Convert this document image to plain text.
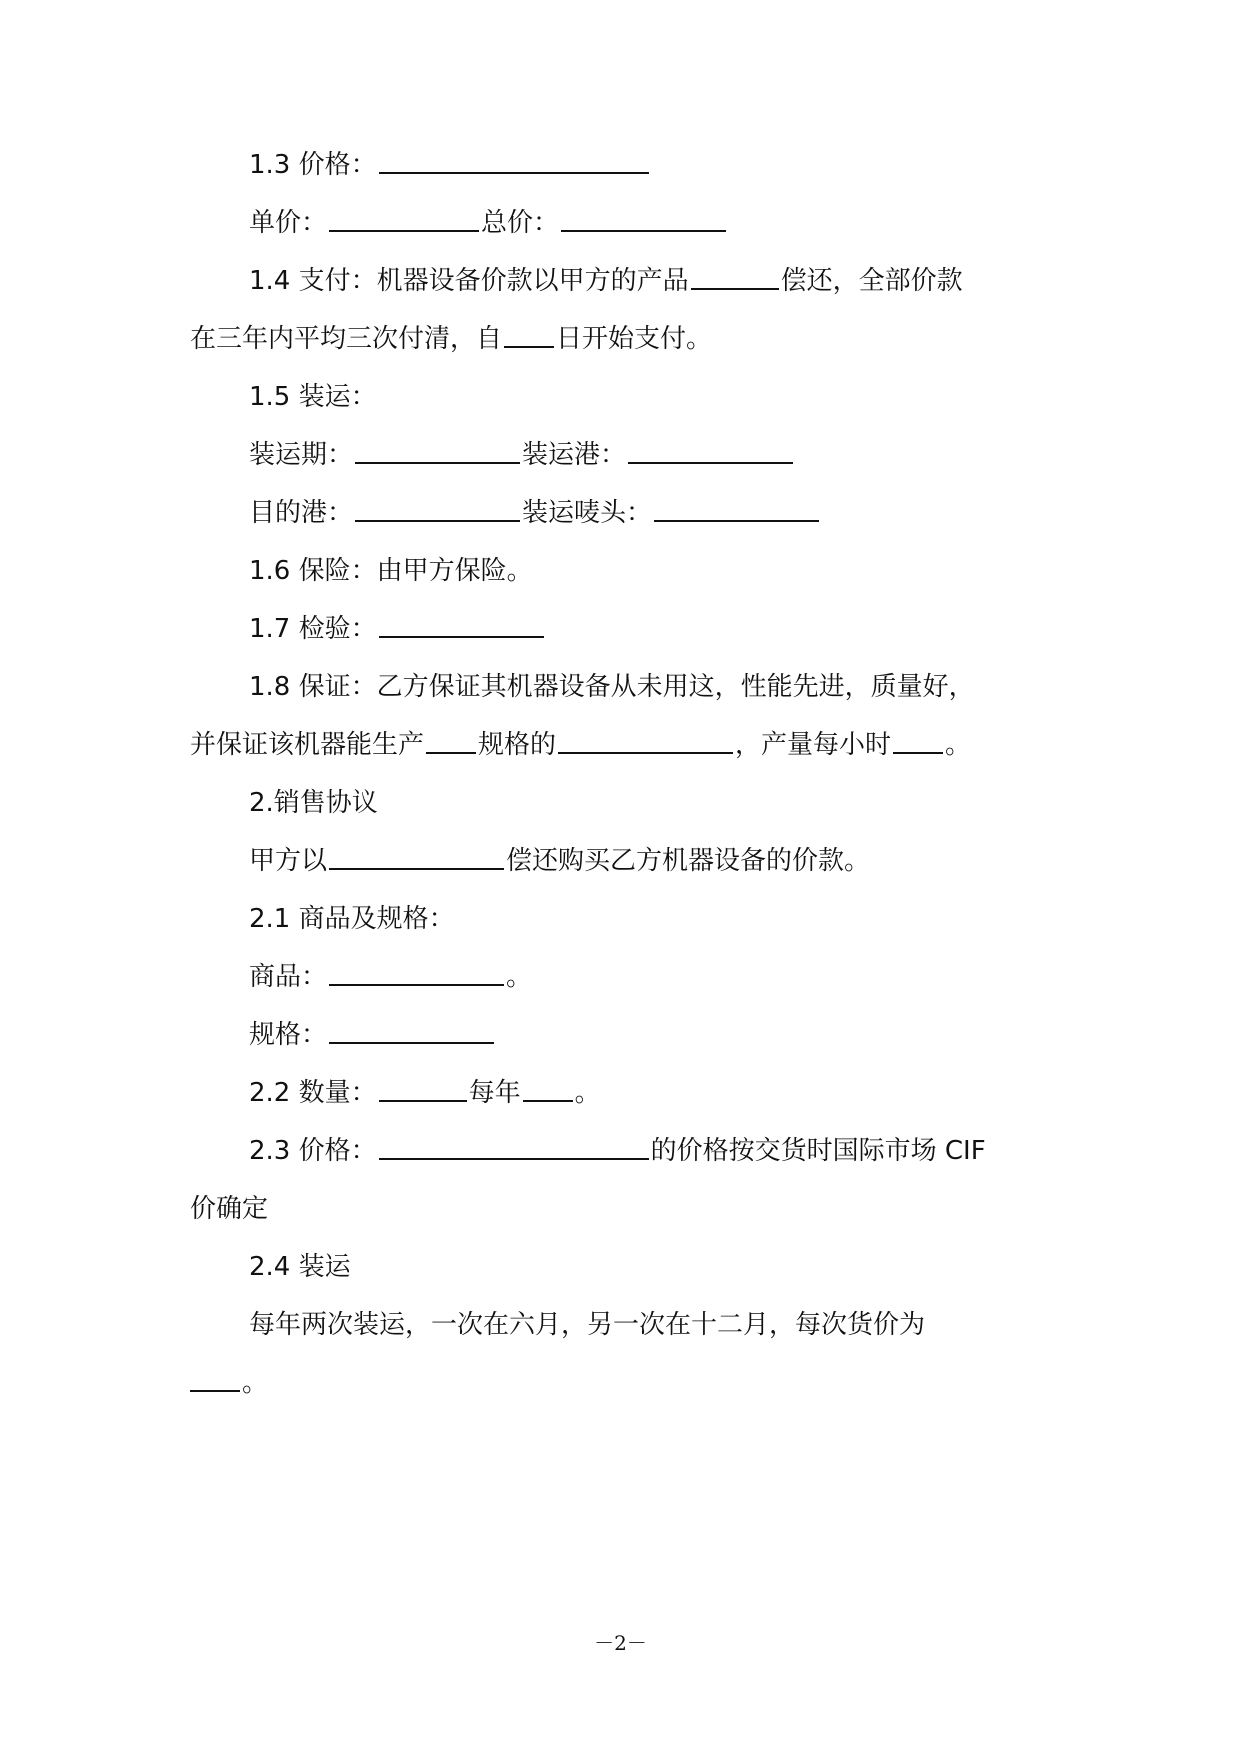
1.3 价格：
单价：	总价：
1.4 支付：机器设备价款以甲方的产品	偿还，全部价款
在三年内平均三次付清，自 日开始支付。
1.5 装运：
装运期：	装运港：
目的港：	装运唛头：
1.6 保险：由甲方保险。
1.7 检验：
1.8 保证：乙方保证其机器设备从未用这，性能先进，质量好，
并保证该机器能生产 规格的	，产量每小时 。
2.销售协议
甲方以	偿还购买乙方机器设备的价款。
2.1 商品及规格：
商品：	。
规格：
2.2 数量：	每年 。
2.3 价格：	的价格按交货时国际市场 CIF
价确定
2.4 装运
每年两次装运，一次在六月，另一次在十二月，每次货价为
。
－2－
